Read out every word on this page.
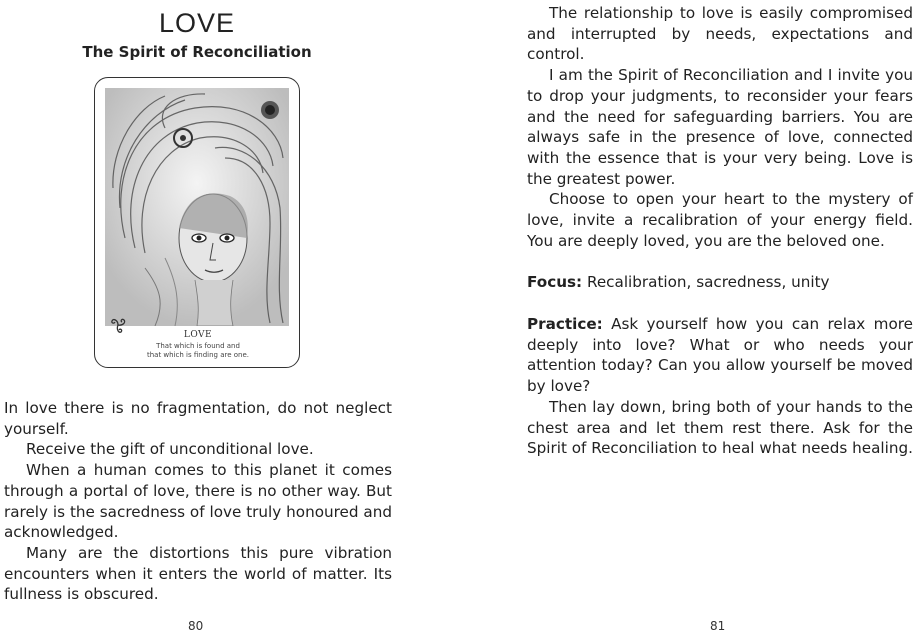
LOVE
The Spirit of Reconciliation
LOVE
That which is found and
that which is finding are one.

In love there is no fragmentation, do not neglect yourself.

Receive the gift of unconditional love.

When a human comes to this planet it comes through a portal of love, there is no other way. But rarely is the sacredness of love truly honoured and acknowledged.

Many are the distortions this pure vibration encounters when it enters the world of matter. Its fullness is obscured.

80

The relationship to love is easily compromised and interrupted by needs, expectations and control.

I am the Spirit of Reconciliation and I invite you to drop your judgments, to reconsider your fears and the need for safeguarding barriers. You are always safe in the presence of love, connected with the essence that is your very being. Love is the greatest power.

Choose to open your heart to the mystery of love, invite a recalibration of your energy field. You are deeply loved, you are the beloved one.

Focus: Recalibration, sacredness, unity

Practice: Ask yourself how you can relax more deeply into love? What or who needs your attention today? Can you allow yourself be moved by love?

Then lay down, bring both of your hands to the chest area and let them rest there. Ask for the Spirit of Reconciliation to heal what needs healing.

81
